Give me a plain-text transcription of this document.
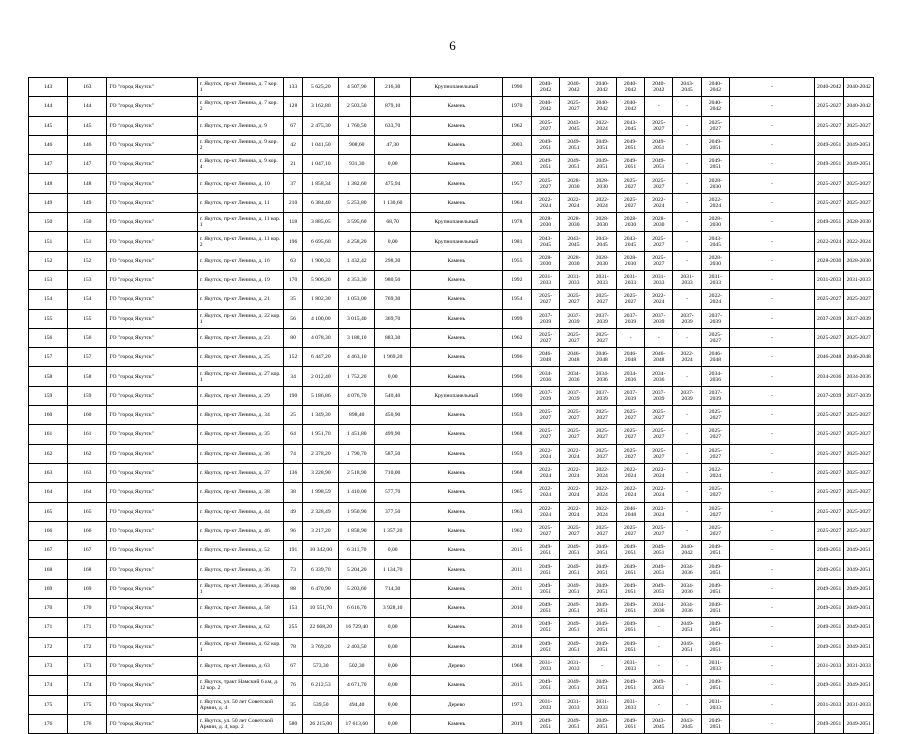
6
143	163	ГО "город Якутск"	г. Якутск, пр-кт Ленина, д. 7 кор. 1	133	5 625,20	4 507,90	216,30	Крупнопанельный	1990	2040-2042	2040-2042	2040-2042	2040-2042	2040-2042	2043-2045	2040-2042	-	2040-2042	2040-2042
144	144	ГО "город Якутск"	г. Якутск, пр-кт Ленина, д. 7 кор. 2	128	3 162,80	2 503,50	879,10	Камень	1970	2040-2042	2025-2027	2040-2042	2040-2042	-	-	2040-2042	-	2025-2027	2040-2042
145	145	ГО "город Якутск"	г. Якутск, пр-кт Ленина, д. 9	67	2 475,30	1 760,50	633,70	Камень	1962	2025-2027	2043-2045	2022-2024	2043-2045	2025-2027	-	2025-2027	-	2025-2027	2025-2027
146	146	ГО "город Якутск"	г. Якутск, пр-кт Ленина, д. 9 кор. 2	42	1 041,50	908,60	47,30	Камень	2003	2049-2051	2049-2051	2049-2051	2049-2051	2049-2051	-	2049-2051	-	2049-2051	2049-2051
147	147	ГО "город Якутск"	г. Якутск, пр-кт Ленина, д. 9 кор. 4	21	1 047,10	931,30	0,00	Камень	2003	2049-2051	2049-2051	2049-2051	2049-2051	2049-2051	-	2049-2051	-	2049-2051	2049-2051
148	148	ГО "город Якутск"	г. Якутск, пр-кт Ленина, д. 10	37	1 858,34	1 382,60	475,94	Камень	1957	2025-2027	2028-2030	2028-2030	2025-2027	2025-2027	-	2028-2030	-	2025-2027	2025-2027
149	149	ГО "город Якутск"	г. Якутск, пр-кт Ленина, д. 11	210	6 384,40	5 253,80	1 130,60	Камень	1964	2022-2024	2022-2024	2022-2024	2025-2027	2022-2024	-	2022-2024	-	2025-2027	2025-2027
150	150	ГО "город Якутск"	г. Якутск, пр-кт Ленина, д. 11 кор. 1	118	3 885,05	3 595,60	68,70	Крупнопанельный	1978	2028-2030	2028-2030	2028-2030	2028-2030	2028-2030	-	2028-2030	-	2049-2051	2028-2030
151	151	ГО "город Якутск"	г. Якутск, пр-кт Ленина, д. 11 кор. 2	196	6 695,60	4 258,20	0,00	Крупнопанельный	1981	2043-2045	2043-2045	2043-2045	2043-2045	2025-2027	-	2043-2045	-	2022-2024	2022-2024
152	152	ГО "город Якутск"	г. Якутск, пр-кт Ленина, д. 16	63	1 900,32	1 432,42	298,30	Камень	1955	2028-2030	2028-2030	2028-2030	2028-2030	2025-2027	-	2028-2030	-	2028-2030	2028-2030
153	153	ГО "город Якутск"	г. Якутск, пр-кт Ленина, д. 19	170	5 906,20	4 353,30	980,50	Камень	1992	2031-2033	2031-2033	2031-2033	2031-2033	2031-2033	2031-2033	2031-2033	-	2031-2033	2031-2033
154	154	ГО "город Якутск"	г. Якутск, пр-кт Ленина, д. 21	35	1 802,30	1 053,00	769,30	Камень	1954	2025-2027	2025-2027	2025-2027	2025-2027	2022-2024	-	2022-2024	-	2025-2027	2025-2027
155	155	ГО "город Якутск"	г. Якутск, пр-кт Ленина, д. 22 кор. 1	56	4 100,00	3 015,40	369,70	Камень	1999	2037-2039	2037-2039	2037-2039	2037-2039	2037-2039	2037-2039	2037-2039	-	2037-2039	2037-2039
156	156	ГО "город Якутск"	г. Якутск, пр-кт Ленина, д. 23	80	4 078,30	3 188,10	883,30	Камень	1962	2025-2027	2025-2027	2025-2027	-	-	-	2025-2027	-	2025-2027	2025-2027
157	157	ГО "город Якутск"	г. Якутск, пр-кт Ленина, д. 25	152	6 447,20	4 463,10	1 969,20	Камень	1996	2046-2048	2046-2048	2046-2048	2046-2048	2046-2048	2022-2024	2046-2048	-	2046-2048	2046-2048
158	158	ГО "город Якутск"	г. Якутск, пр-кт Ленина, д. 27 кор. 1	34	2 012,40	1 752,20	0,00	Камень	1996	2034-2036	2034-2036	2034-2036	2034-2036	2034-2036	-	2034-2036	-	2034-2036	2034-2036
159	159	ГО "город Якутск"	г. Якутск, пр-кт Ленина, д. 29	190	5 186,86	4 076,70	540,40	Крупнопанельный	1990	2037-2039	2037-2039	2037-2039	2037-2039	2037-2039	2037-2039	2037-2039	-	2037-2039	2037-2039
160	160	ГО "город Якутск"	г. Якутск, пр-кт Ленина, д. 34	25	1 349,30	898,40	450,90	Камень	1959	2025-2027	2025-2027	2025-2027	2025-2027	2025-2027	-	2025-2027	-	2025-2027	2025-2027
161	161	ГО "город Якутск"	г. Якутск, пр-кт Ленина, д. 35	64	1 951,70	1 451,80	499,90	Камень	1968	2025-2027	2025-2027	2025-2027	2025-2027	2025-2027	-	2025-2027	-	2025-2027	2025-2027
162	162	ГО "город Якутск"	г. Якутск, пр-кт Ленина, д. 36	74	2 378,20	1 790,70	587,50	Камень	1959	2022-2024	2022-2024	2025-2027	2025-2027	2025-2027	-	2025-2027	-	2025-2027	2025-2027
163	163	ГО "город Якутск"	г. Якутск, пр-кт Ленина, д. 37	136	3 228,90	2 518,90	710,00	Камень	1968	2022-2024	2022-2024	2022-2024	2022-2024	2022-2024	-	2022-2024	-	2025-2027	2025-2027
164	164	ГО "город Якутск"	г. Якутск, пр-кт Ленина, д. 38	38	1 998,59	1 410,00	577,70	Камень	1965	2022-2024	2022-2024	2022-2024	2022-2024	2022-2024	-	2025-2027	-	2025-2027	2025-2027
165	165	ГО "город Якутск"	г. Якутск, пр-кт Ленина, д. 44	49	2 328,49	1 950,90	377,50	Камень	1963	2022-2024	2022-2024	2022-2024	2046-2048	2022-2024	-	2025-2027	-	2025-2027	2025-2027
166	166	ГО "город Якутск"	г. Якутск, пр-кт Ленина, д. 46	96	3 217,20	1 858,90	1 357,20	Камень	1962	2025-2027	2025-2027	2025-2027	2025-2027	2025-2027	-	2025-2027	-	2025-2027	2025-2027
167	167	ГО "город Якутск"	г. Якутск, пр-кт Ленина, д. 52	191	10 342,00	6 311,70	0,00	Камень	2015	2049-2051	2049-2051	2049-2051	2049-2051	2049-2051	2040-2042	2049-2051	-	2049-2051	2049-2051
168	168	ГО "город Якутск"	г. Якутск, пр-кт Ленина, д. 36	73	6 339,70	5 204,20	1 134,70	Камень	2011	2049-2051	2049-2051	2049-2051	2049-2051	2049-2051	2034-2036	2049-2051	-	2049-2051	2049-2051
169	169	ГО "город Якутск"	г. Якутск, пр-кт Ленина, д. 36 кор. 1	88	6 470,90	5 203,60	714,30	Камень	2011	2049-2051	2049-2051	2049-2051	2049-2051	2049-2051	2034-2036	2049-2051	-	2049-2051	2049-2051
170	170	ГО "город Якутск"	г. Якутск, пр-кт Ленина, д. 58	153	10 551,70	6 616,70	3 928,10	Камень	2010	2049-2051	2049-2051	2049-2051	2049-2051	2034-2036	2034-2036	2049-2051	-	2049-2051	2049-2051
171	171	ГО "город Якутск"	г. Якутск, пр-кт Ленина, д. 62	255	22 668,20	16 729,40	0,00	Камень	2016	2049-2051	2049-2051	2049-2051	2049-2051	-	2049-2051	2049-2051	-	2049-2051	2049-2051
172	172	ГО "город Якутск"	г. Якутск, пр-кт Ленина, д. 62 кор. 1	78	3 769,20	2 403,50	0,00	Камень	2018	2049-2051	2049-2051	2049-2051	2049-2051	-	2049-2051	2049-2051	-	2049-2051	2049-2051
173	173	ГО "город Якутск"	г. Якутск, пр-кт Ленина, д. 63	67	573,30	502,30	0,00	Дерево	1968	2031-2033	2031-2033	-	2031-2033	-	-	2031-2033	-	2031-2033	2031-2033
174	174	ГО "город Якутск"	г. Якутск, тракт Намский 6 км, д. 12 кор. 2	76	6 212,53	4 671,70	0,00	Камень	2015	2049-2051	2049-2051	2049-2051	2049-2051	2049-2051	-	2049-2051	-	2049-2051	2049-2051
175	175	ГО "город Якутск"	г. Якутск, ул. 50 лет Советской Армии, д. 4	35	539,50	494,40	0,00	Дерево	1973	2031-2033	2031-2033	2031-2033	2031-2033	-	-	2031-2033	-	2031-2033	2031-2033
176	176	ГО "город Якутск"	г. Якутск, ул. 50 лет Советской Армии, д. 4, кор. 2	580	26 215,00	17 613,60	0,00	Камень	2019	2049-2051	2049-2051	2049-2051	2049-2051	2043-2045	2043-2045	2049-2051	-	2049-2051	2049-2051
